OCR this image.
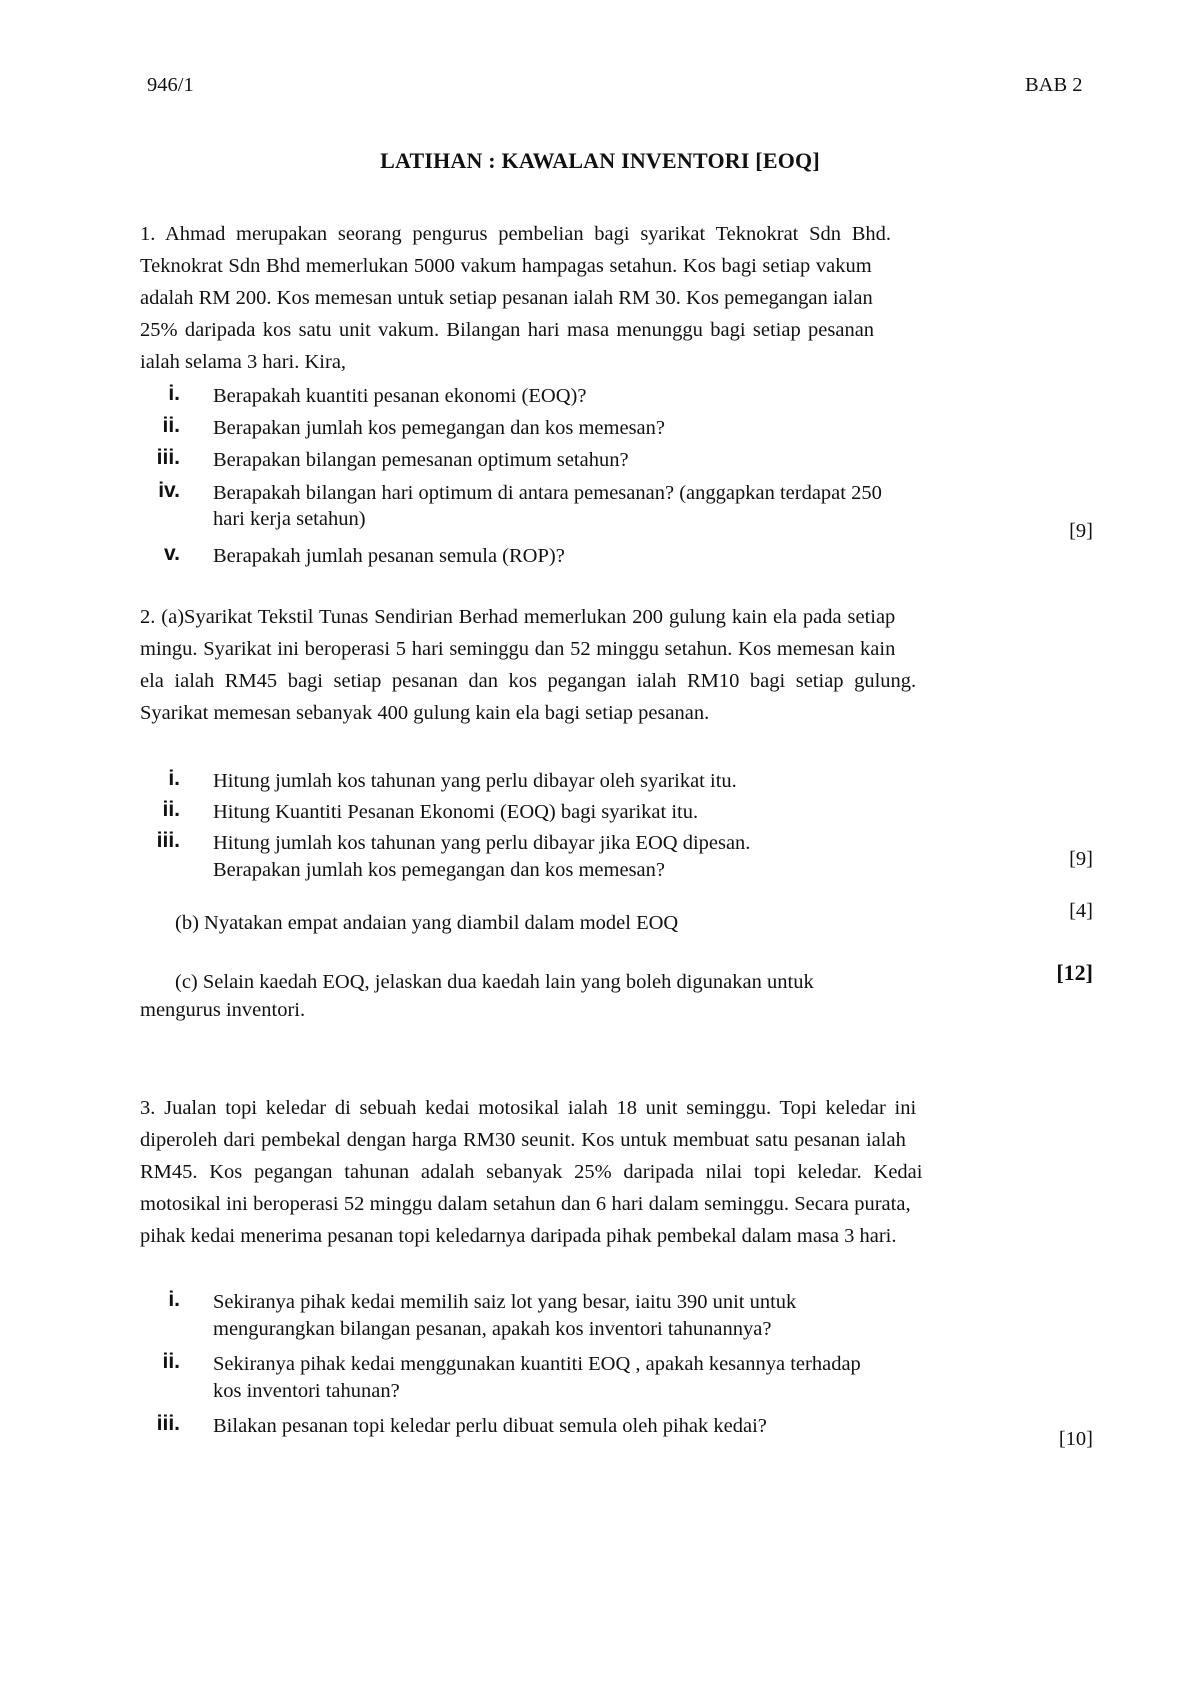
946/1	BAB 2
LATIHAN : KAWALAN INVENTORI [EOQ]
1. Ahmad merupakan seorang pengurus pembelian bagi syarikat Teknokrat Sdn Bhd.
Teknokrat Sdn Bhd memerlukan 5000 vakum hampagas setahun. Kos bagi setiap vakum
adalah RM 200. Kos memesan untuk setiap pesanan ialah RM 30. Kos pemegangan ialan
25% daripada kos satu unit vakum. Bilangan hari masa menunggu bagi setiap pesanan
ialah selama 3 hari. Kira,
i. Berapakah kuantiti pesanan ekonomi (EOQ)?
ii. Berapakan jumlah kos pemegangan dan kos memesan?
iii. Berapakan bilangan pemesanan optimum setahun?
iv. Berapakah bilangan hari optimum di antara pemesanan? (anggapkan terdapat 250
hari kerja setahun)
v. Berapakah jumlah pesanan semula (ROP)?
[9]
2. (a)Syarikat Tekstil Tunas Sendirian Berhad memerlukan 200 gulung kain ela pada setiap
mingu. Syarikat ini beroperasi 5 hari seminggu dan 52 minggu setahun. Kos memesan kain
ela ialah RM45 bagi setiap pesanan dan kos pegangan ialah RM10 bagi setiap gulung.
Syarikat memesan sebanyak 400 gulung kain ela bagi setiap pesanan.
i. Hitung jumlah kos tahunan yang perlu dibayar oleh syarikat itu.
ii. Hitung Kuantiti Pesanan Ekonomi (EOQ) bagi syarikat itu.
iii. Hitung jumlah kos tahunan yang perlu dibayar jika EOQ dipesan.
Berapakan jumlah kos pemegangan dan kos memesan?	[9]
(b) Nyatakan empat andaian yang diambil dalam model EOQ
[4]
(c) Selain kaedah EOQ, jelaskan dua kaedah lain yang boleh digunakan untuk
mengurus inventori.
[12]
3. Jualan topi keledar di sebuah kedai motosikal ialah 18 unit seminggu. Topi keledar ini
diperoleh dari pembekal dengan harga RM30 seunit. Kos untuk membuat satu pesanan ialah
RM45. Kos pegangan tahunan adalah sebanyak 25% daripada nilai topi keledar. Kedai
motosikal ini beroperasi 52 minggu dalam setahun dan 6 hari dalam seminggu. Secara purata,
pihak kedai menerima pesanan topi keledarnya daripada pihak pembekal dalam masa 3 hari.
i. Sekiranya pihak kedai memilih saiz lot yang besar, iaitu 390 unit untuk
mengurangkan bilangan pesanan, apakah kos inventori tahunannya?
ii. Sekiranya pihak kedai menggunakan kuantiti EOQ , apakah kesannya terhadap
kos inventori tahunan?
iii. Bilakan pesanan topi keledar perlu dibuat semula oleh pihak kedai?
[10]
